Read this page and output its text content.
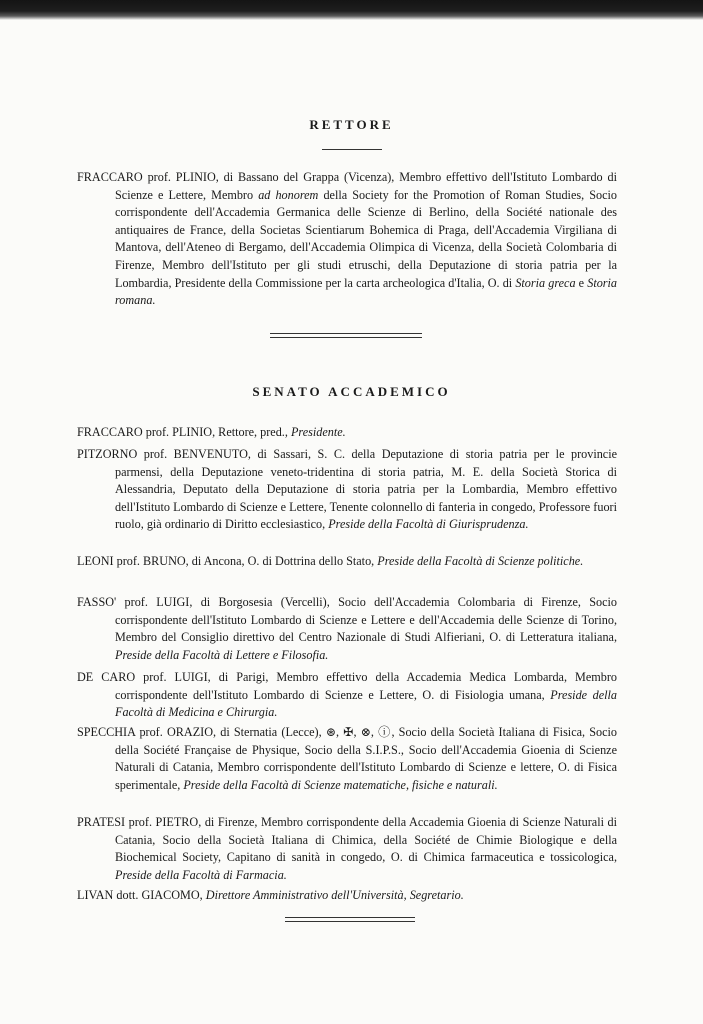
RETTORE
FRACCARO prof. PLINIO, di Bassano del Grappa (Vicenza), Membro effettivo dell'Istituto Lombardo di Scienze e Lettere, Membro ad honorem della Society for the Promotion of Roman Studies, Socio corrispondente dell'Accademia Germanica delle Scienze di Berlino, della Société nationale des antiquaires de France, della Societas Scientiarum Bohemica di Praga, dell'Accademia Virgiliana di Mantova, dell'Ateneo di Bergamo, dell'Accademia Olimpica di Vicenza, della Società Colombaria di Firenze, Membro dell'Istituto per gli studi etruschi, della Deputazione di storia patria per la Lombardia, Presidente della Commissione per la carta archeologica d'Italia, O. di Storia greca e Storia romana.
SENATO ACCADEMICO
FRACCARO prof. PLINIO, Rettore, pred., Presidente.
PITZORNO prof. BENVENUTO, di Sassari, S. C. della Deputazione di storia patria per le provincie parmensi, della Deputazione veneto-tridentina di storia patria, M. E. della Società Storica di Alessandria, Deputato della Deputazione di storia patria per la Lombardia, Membro effettivo dell'Istituto Lombardo di Scienze e Lettere, Tenente colonnello di fanteria in congedo, Professore fuori ruolo, già ordinario di Diritto ecclesiastico, Preside della Facoltà di Giurisprudenza.
LEONI prof. BRUNO, di Ancona, O. di Dottrina dello Stato, Preside della Facoltà di Scienze politiche.
FASSO' prof. LUIGI, di Borgosesia (Vercelli), Socio dell'Accademia Colombaria di Firenze, Socio corrispondente dell'Istituto Lombardo di Scienze e Lettere e dell'Accademia delle Scienze di Torino, Membro del Consiglio direttivo del Centro Nazionale di Studi Alfieriani, O. di Letteratura italiana, Preside della Facoltà di Lettere e Filosofia.
DE CARO prof. LUIGI, di Parigi, Membro effettivo della Accademia Medica Lombarda, Membro corrispondente dell'Istituto Lombardo di Scienze e Lettere, O. di Fisiologia umana, Preside della Facoltà di Medicina e Chirurgia.
SPECCHIA prof. ORAZIO, di Sternatia (Lecce), ⊛, ✠, ⊗, ⓘ, Socio della Società Italiana di Fisica, Socio della Société Française de Physique, Socio della S.I.P.S., Socio dell'Accademia Gioenia di Scienze Naturali di Catania, Membro corrispondente dell'Istituto Lombardo di Scienze e lettere, O. di Fisica sperimentale, Preside della Facoltà di Scienze matematiche, fisiche e naturali.
PRATESI prof. PIETRO, di Firenze, Membro corrispondente della Accademia Gioenia di Scienze Naturali di Catania, Socio della Società Italiana di Chimica, della Société de Chimie Biologique e della Biochemical Society, Capitano di sanità in congedo, O. di Chimica farmaceutica e tossicologica, Preside della Facoltà di Farmacia.
LIVAN dott. GIACOMO, Direttore Amministrativo dell'Università, Segretario.
